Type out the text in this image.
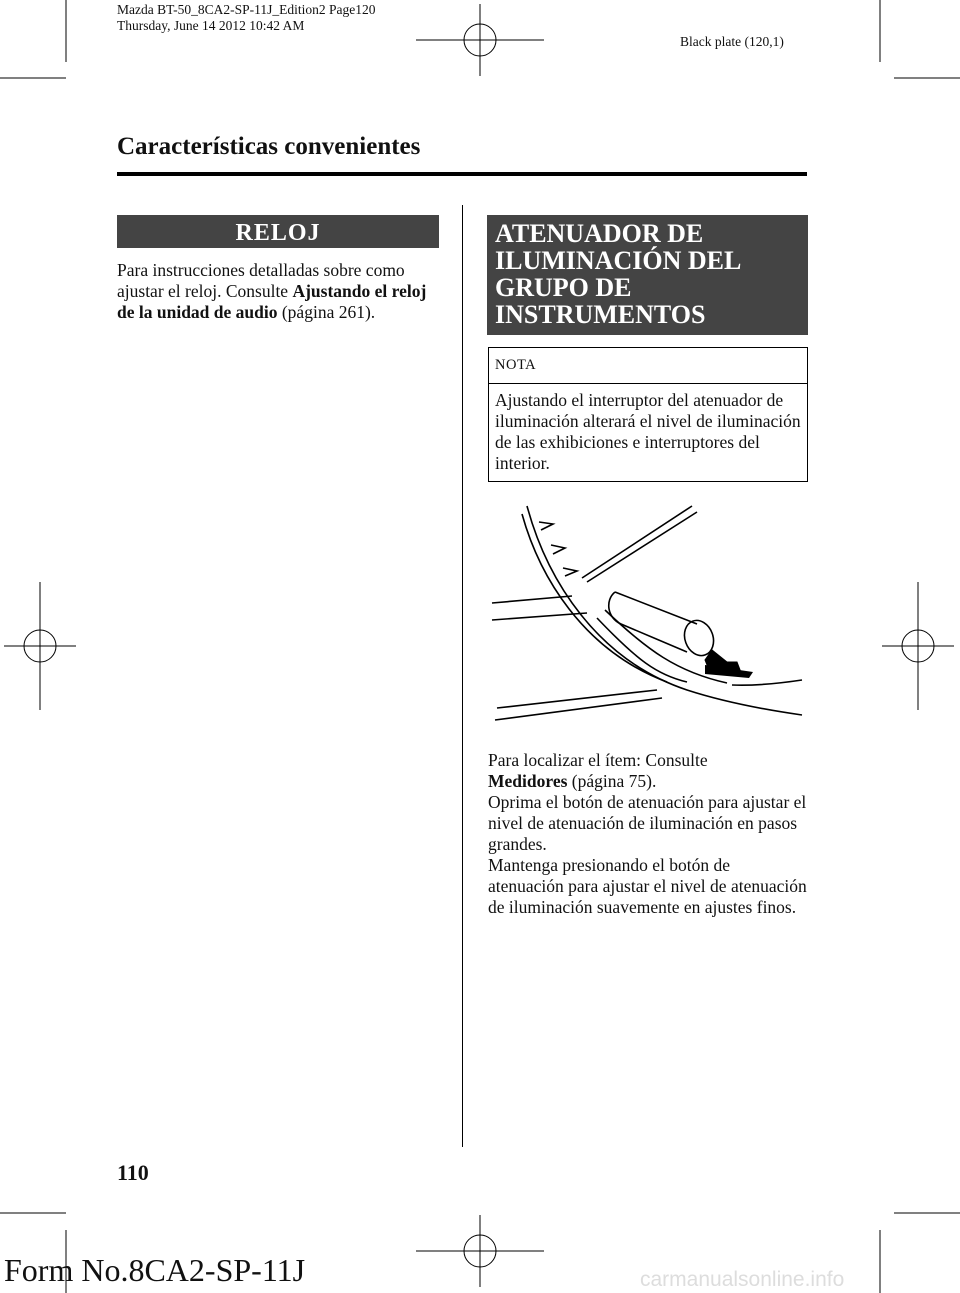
Mazda BT-50_8CA2-SP-11J_Edition2 Page120
Thursday, June 14 2012 10:42 AM
Black plate (120,1)
Características convenientes
RELOJ
Para instrucciones detalladas sobre como ajustar el reloj. Consulte Ajustando el reloj de la unidad de audio (página 261).
ATENUADOR DE
ILUMINACIÓN DEL
GRUPO DE
INSTRUMENTOS
NOTA
Ajustando el interruptor del atenuador de iluminación alterará el nivel de iluminación de las exhibiciones e interruptores del interior.
Para localizar el ítem: Consulte
Medidores (página 75).
Oprima el botón de atenuación para ajustar el nivel de atenuación de iluminación en pasos grandes.
Mantenga presionando el botón de atenuación para ajustar el nivel de atenuación de iluminación suavemente en ajustes finos.
110
Form No.8CA2-SP-11J	carmanualsonline.info
